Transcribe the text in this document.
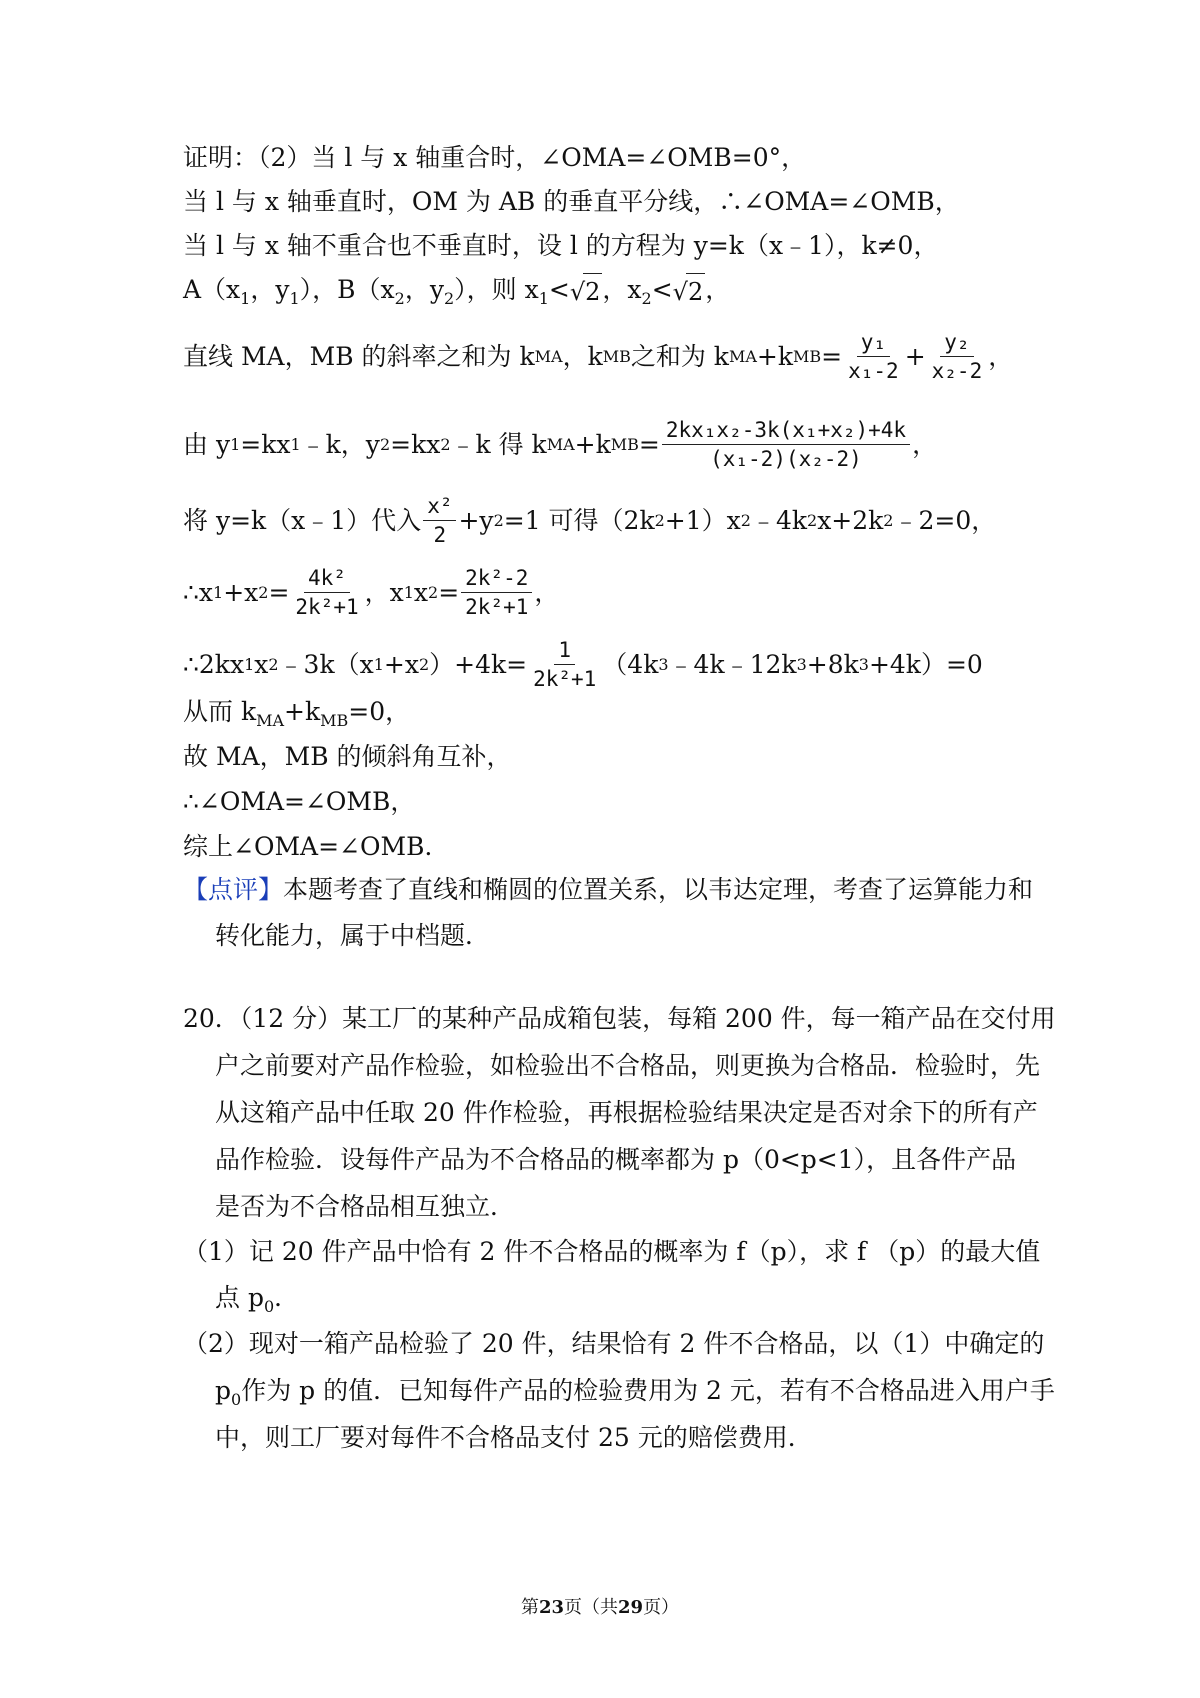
证明：（2）当 l 与 x 轴重合时，∠OMA=∠OMB=0°，
当 l 与 x 轴垂直时，OM 为 AB 的垂直平分线，∴∠OMA=∠OMB，
当 l 与 x 轴不重合也不垂直时，设 l 的方程为 y=k（x﹣1），k≠0，
$A(x_1$，$y_1$），$B(x_2$，$y_2$），则 $x_1<√2$，$x_2<√2$，
直线 MA，MB 的斜率之和为 k MA ，k MB 之和为 k MA +k MB = $\frac{\text{y₁}}{\text{x₁-2}} + \frac{\text{y₂}}{\text{x₂-2}}$ ，
由 y 1 =kx 1 ﹣k，y 2 =kx 2 ﹣k 得 k MA +k MB = $\frac{\text{2kx₁x₂-3k(x₁+x₂)+4k}}{\text{(x₁-2)(x₂-2)}}$ ，
将 y=k（x﹣1）代入 $\frac{\text{x²}}{2} +y$ 2 =1 可得（2k 2 +1）x 2 ﹣4k 2 x+2k 2 ﹣2=0，
∴x 1 +x $2 = \frac{\text{4k²}}{\text{2k²+1}}$ ，x 1 x $2 = \frac{\text{2k²-2}}{\text{2k²+1}}$ ，
∴2kx 1 x 2 ﹣3k（x 1 +x 2 ）$+4k= \frac{1}{\text{2k²+1}} (4k$ 3 ﹣4k﹣12k 3 +8k 3 +4k）=0
从而 $k_{MA}+k_{MB}=0$，
故 MA，MB 的倾斜角互补，
∴∠OMA=∠OMB，
综上∠OMA=∠OMB．
【点评】本题考查了直线和椭圆的位置关系，以韦达定理，考查了运算能力和
转化能力，属于中档题．
20．（12 分）某工厂的某种产品成箱包装，每箱 200 件，每一箱产品在交付用
户之前要对产品作检验，如检验出不合格品，则更换为合格品．检验时，先
从这箱产品中任取 20 件作检验，再根据检验结果决定是否对余下的所有产
品作检验．设每件产品为不合格品的概率都为 p（0<p<1），且各件产品
是否为不合格品相互独立．
（1）记 20 件产品中恰有 2 件不合格品的概率为 f（p），求 f （p）的最大值
点 $p_0$．
（2）现对一箱产品检验了 20 件，结果恰有 2 件不合格品，以（1）中确定的
$p_0$作为 p 的值．已知每件产品的检验费用为 2 元，若有不合格品进入用户手
中，则工厂要对每件不合格品支付 25 元的赔偿费用．
第23页（共29页）
